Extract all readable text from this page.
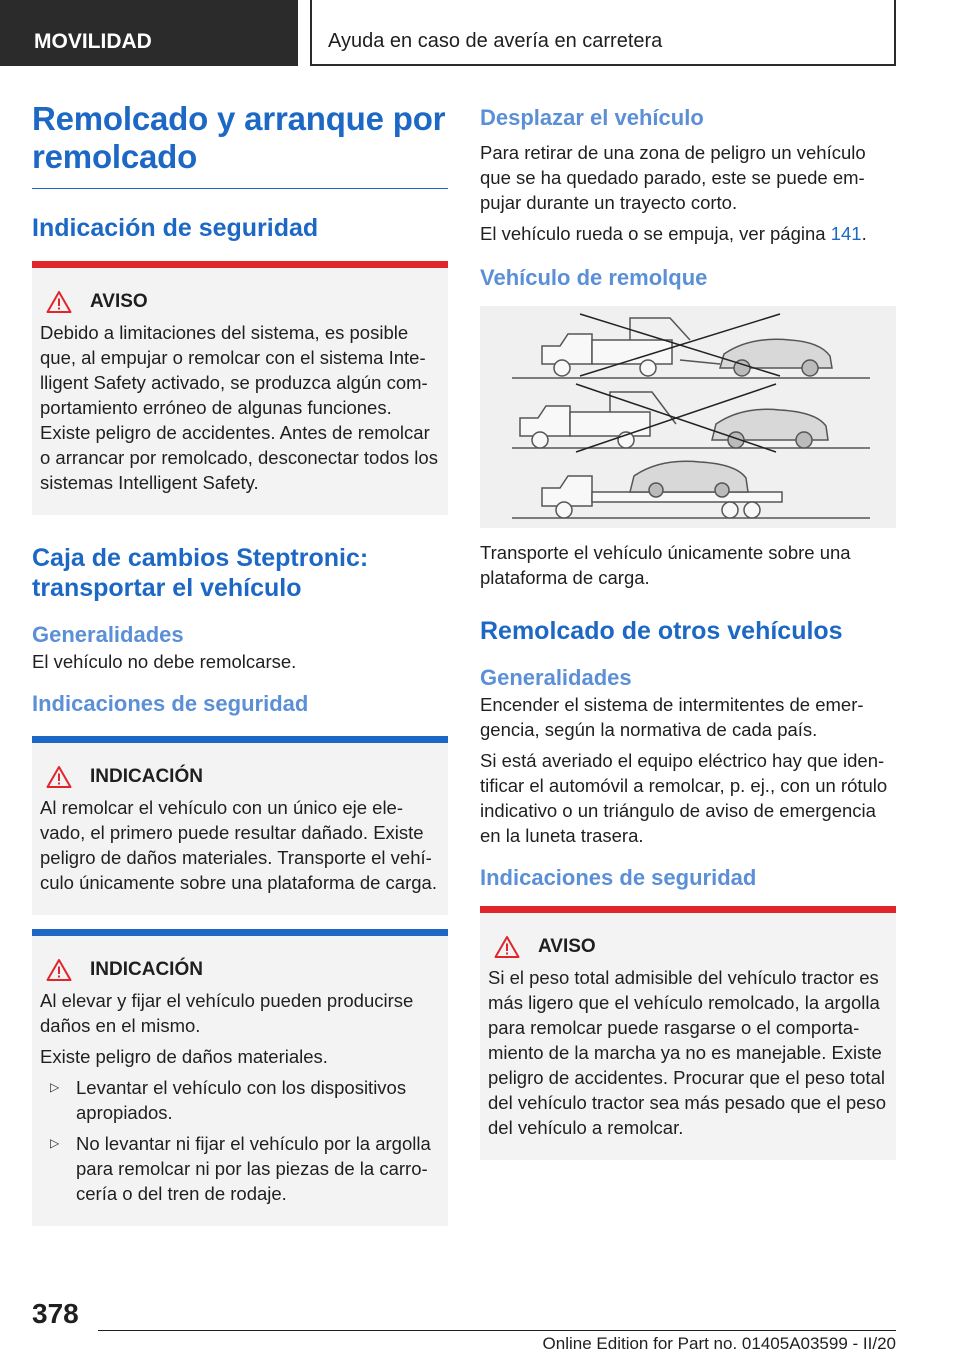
MOVILIDAD	Ayuda en caso de avería en carretera
Remolcado y arranque por remolcado
Indicación de seguridad
AVISO

Debido a limitaciones del sistema, es posible que, al empujar o remolcar con el sistema Intelligent Safety activado, se produzca algún comportamiento erróneo de algunas funciones. Existe peligro de accidentes. Antes de remolcar o arrancar por remolcado, desconectar todos los sistemas Intelligent Safety.

Caja de cambios Steptronic: transportar el vehículo
Generalidades

El vehículo no debe remolcarse.

Indicaciones de seguridad
INDICACIÓN

Al remolcar el vehículo con un único eje elevado, el primero puede resultar dañado. Existe peligro de daños materiales. Transporte el vehículo únicamente sobre una plataforma de carga.

INDICACIÓN

Al elevar y fijar el vehículo pueden producirse daños en el mismo.

Existe peligro de daños materiales.

▷ Levantar el vehículo con los dispositivos apropiados.

▷ No levantar ni fijar el vehículo por la argolla para remolcar ni por las piezas de la carrocería o del tren de rodaje.

Desplazar el vehículo

Para retirar de una zona de peligro un vehículo que se ha quedado parado, este se puede empujar durante un trayecto corto.

El vehículo rueda o se empuja, ver página 141.

Vehículo de remolque

Transporte el vehículo únicamente sobre una plataforma de carga.

Remolcado de otros vehículos
Generalidades

Encender el sistema de intermitentes de emergencia, según la normativa de cada país.

Si está averiado el equipo eléctrico hay que identificar el automóvil a remolcar, p. ej., con un rótulo indicativo o un triángulo de aviso de emergencia en la luneta trasera.

Indicaciones de seguridad
AVISO

Si el peso total admisible del vehículo tractor es más ligero que el vehículo remolcado, la argolla para remolcar puede rasgarse o el comportamiento de la marcha ya no es manejable. Existe peligro de accidentes. Procurar que el peso total del vehículo tractor sea más pesado que el peso del vehículo a remolcar.

378
Online Edition for Part no. 01405A03599 - II/20
